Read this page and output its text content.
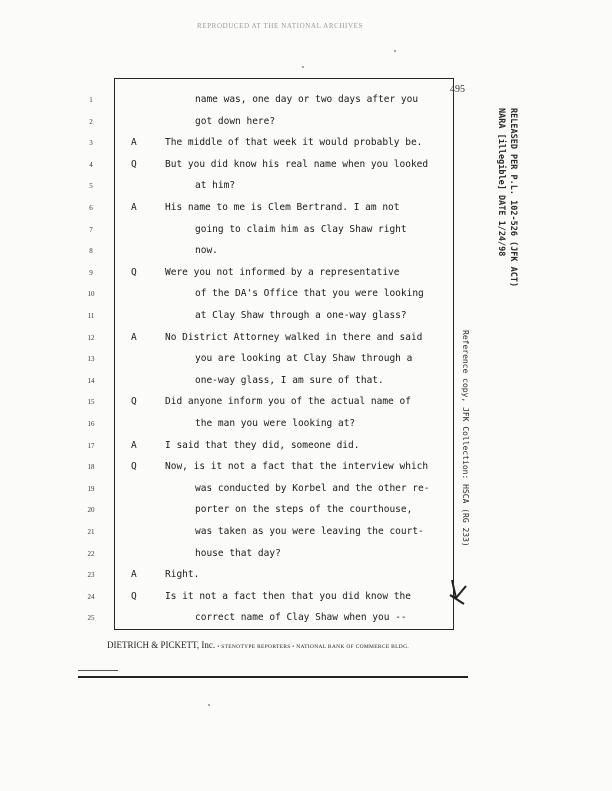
REPRODUCED AT THE NATIONAL ARCHIVES
495
1	name was, one day or two days after you
2	got down here?
3	A	The middle of that week it would probably be.
4	Q	But you did know his real name when you looked
5	at him?
6	A	His name to me is Clem Bertrand. I am not
7	going to claim him as Clay Shaw right
8	now.
9	Q	Were you not informed by a representative
10	of the DA's Office that you were looking
11	at Clay Shaw through a one-way glass?
12	A	No District Attorney walked in there and said
13	you are looking at Clay Shaw through a
14	one-way glass, I am sure of that.
15	Q	Did anyone inform you of the actual name of
16	the man you were looking at?
17	A	I said that they did, someone did.
18	Q	Now, is it not a fact that the interview which
19	was conducted by Korbel and the other re-
20	porter on the steps of the courthouse,
21	was taken as you were leaving the court-
22	house that day?
23	A	Right.
24	Q	Is it not a fact then that you did know the
25	correct name of Clay Shaw when you --
RELEASED PER P.L. 102-526 (JFK ACT)
NARA [illegible] DATE 1/24/98
Reference copy, JFK Collection: HSCA (RG 233)
DIETRICH & PICKETT, Inc. • STENOTYPE REPORTERS • NATIONAL BANK OF COMMERCE BLDG.
